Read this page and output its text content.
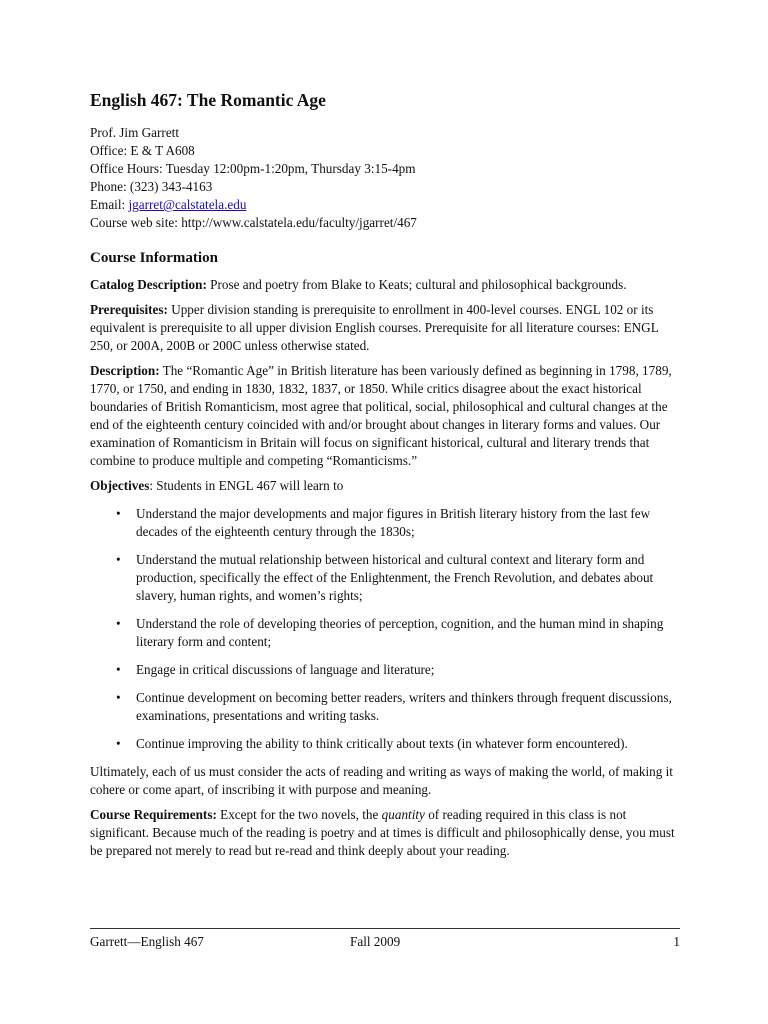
English 467: The Romantic Age
Prof. Jim Garrett
Office: E & T A608
Office Hours: Tuesday 12:00pm-1:20pm, Thursday 3:15-4pm
Phone: (323) 343-4163
Email: jgarret@calstatela.edu
Course web site: http://www.calstatela.edu/faculty/jgarret/467
Course Information

Catalog Description: Prose and poetry from Blake to Keats; cultural and philosophical backgrounds.

Prerequisites: Upper division standing is prerequisite to enrollment in 400-level courses. ENGL 102 or its equivalent is prerequisite to all upper division English courses. Prerequisite for all literature courses: ENGL 250, or 200A, 200B or 200C unless otherwise stated.

Description: The “Romantic Age” in British literature has been variously defined as beginning in 1798, 1789, 1770, or 1750, and ending in 1830, 1832, 1837, or 1850. While critics disagree about the exact historical boundaries of British Romanticism, most agree that political, social, philosophical and cultural changes at the end of the eighteenth century coincided with and/or brought about changes in literary forms and values. Our examination of Romanticism in Britain will focus on significant historical, cultural and literary trends that combine to produce multiple and competing “Romanticisms.”

Objectives: Students in ENGL 467 will learn to

• Understand the major developments and major figures in British literary history from the last few decades of the eighteenth century through the 1830s;
• Understand the mutual relationship between historical and cultural context and literary form and production, specifically the effect of the Enlightenment, the French Revolution, and debates about slavery, human rights, and women’s rights;
• Understand the role of developing theories of perception, cognition, and the human mind in shaping literary form and content;
• Engage in critical discussions of language and literature;
• Continue development on becoming better readers, writers and thinkers through frequent discussions, examinations, presentations and writing tasks.
• Continue improving the ability to think critically about texts (in whatever form encountered).

Ultimately, each of us must consider the acts of reading and writing as ways of making the world, of making it cohere or come apart, of inscribing it with purpose and meaning.

Course Requirements: Except for the two novels, the quantity of reading required in this class is not significant. Because much of the reading is poetry and at times is difficult and philosophically dense, you must be prepared not merely to read but re-read and think deeply about your reading.

Garrett—English 467	Fall 2009	1
